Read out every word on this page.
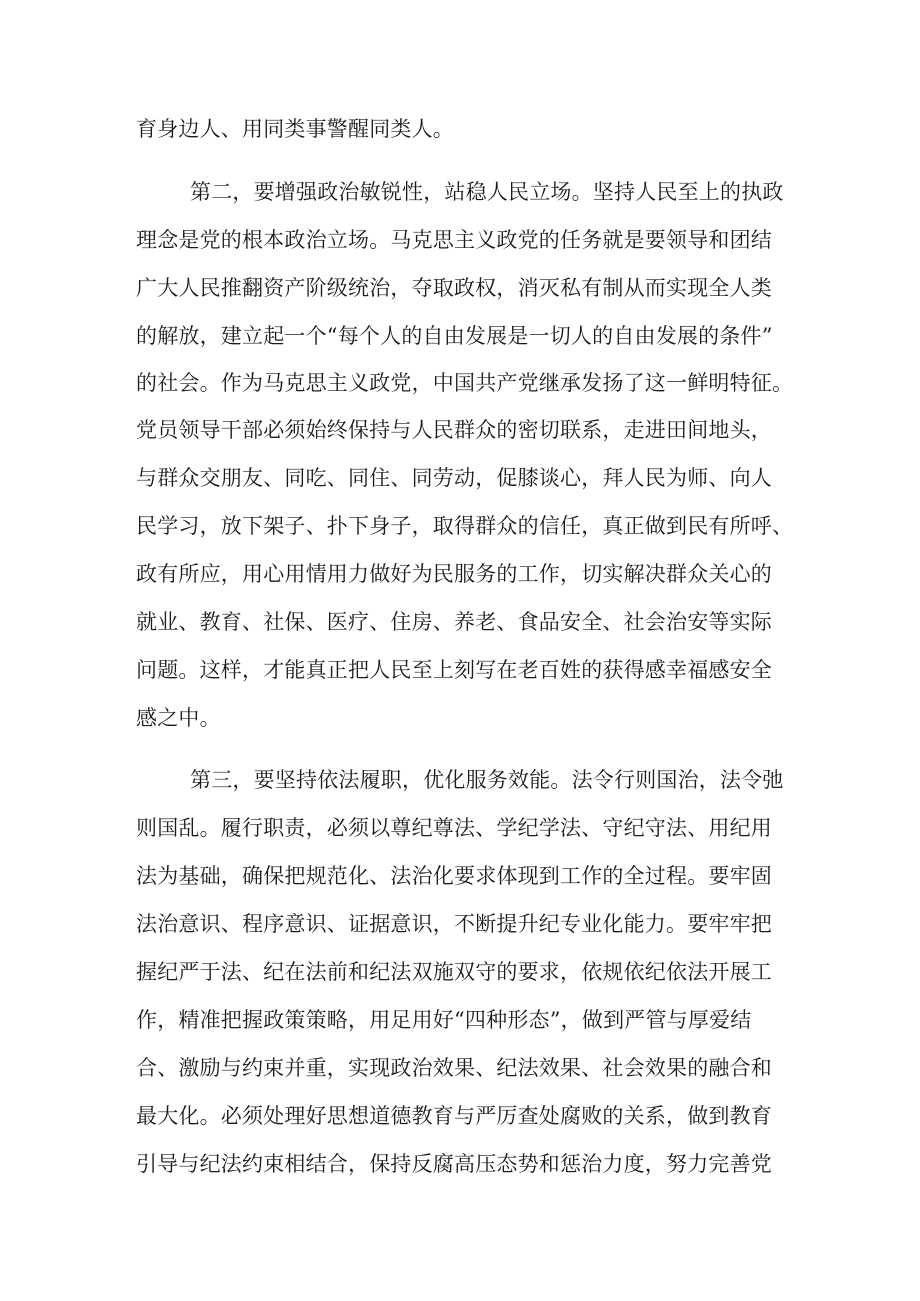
育身边人、用同类事警醒同类人。
第二，要增强政治敏锐性，站稳人民立场。坚持人民至上的执政
理念是党的根本政治立场。马克思主义政党的任务就是要领导和团结
广大人民推翻资产阶级统治，夺取政权，消灭私有制从而实现全人类
的解放，建立起一个“每个人的自由发展是一切人的自由发展的条件”
的社会。作为马克思主义政党，中国共产党继承发扬了这一鲜明特征。
党员领导干部必须始终保持与人民群众的密切联系，走进田间地头，
与群众交朋友、同吃、同住、同劳动，促膝谈心，拜人民为师、向人
民学习，放下架子、扑下身子，取得群众的信任，真正做到民有所呼、
政有所应，用心用情用力做好为民服务的工作，切实解决群众关心的
就业、教育、社保、医疗、住房、养老、食品安全、社会治安等实际
问题。这样，才能真正把人民至上刻写在老百姓的获得感幸福感安全
感之中。
第三，要坚持依法履职，优化服务效能。法令行则国治，法令弛
则国乱。履行职责，必须以尊纪尊法、学纪学法、守纪守法、用纪用
法为基础，确保把规范化、法治化要求体现到工作的全过程。要牢固
法治意识、程序意识、证据意识，不断提升纪专业化能力。要牢牢把
握纪严于法、纪在法前和纪法双施双守的要求，依规依纪依法开展工
作，精准把握政策策略，用足用好“四种形态”，做到严管与厚爱结
合、激励与约束并重，实现政治效果、纪法效果、社会效果的融合和
最大化。必须处理好思想道德教育与严厉查处腐败的关系，做到教育
引导与纪法约束相结合，保持反腐高压态势和惩治力度，努力完善党
